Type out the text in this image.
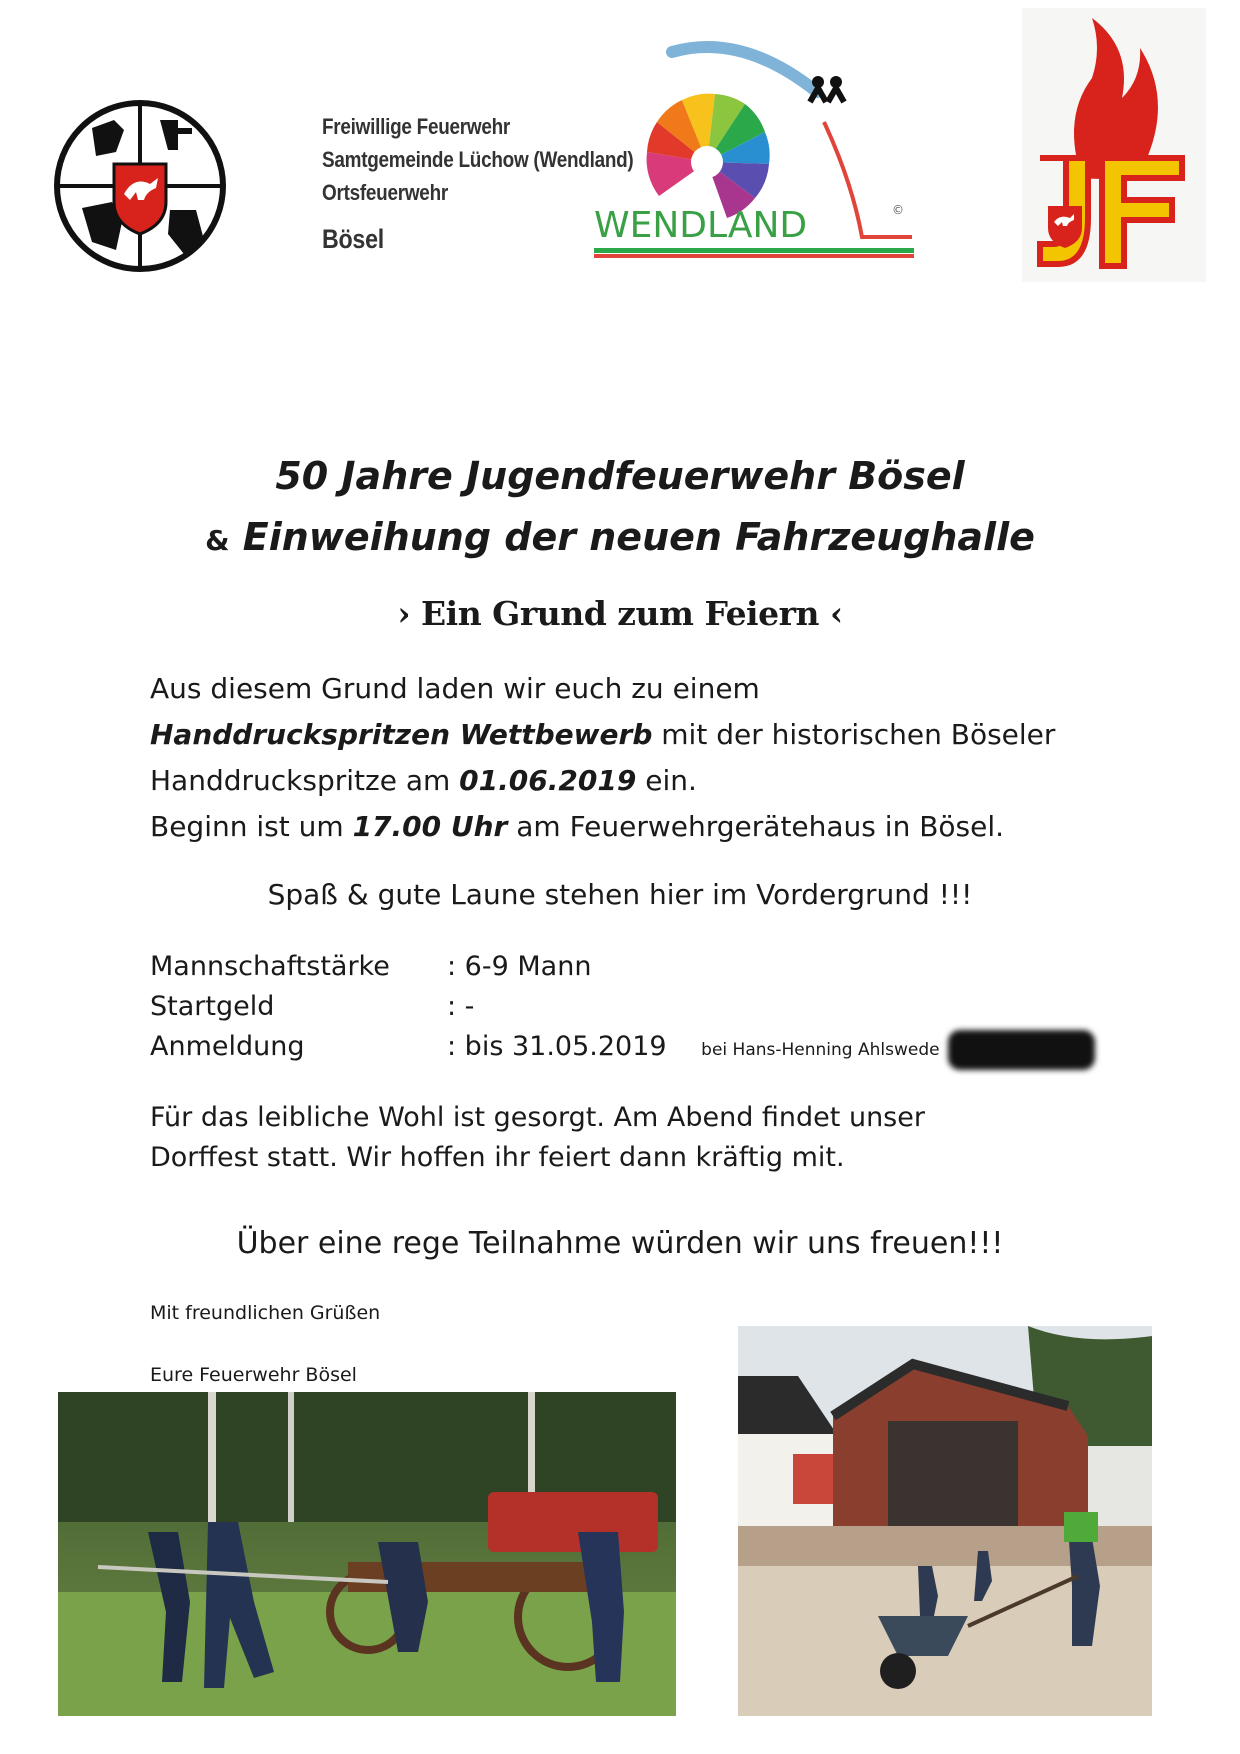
Freiwillige Feuerwehr
Samtgemeinde Lüchow (Wendland)
Ortsfeuerwehr
Bösel	WENDLAND	©
50 Jahre Jugendfeuerwehr Bösel
& Einweihung der neuen Fahrzeughalle
› Ein Grund zum Feiern ‹
Aus diesem Grund laden wir euch zu einem
Handdruckspritzen Wettbewerb mit der historischen Böseler
Handdruckspritze am 01.06.2019 ein.
Beginn ist um 17.00 Uhr am Feuerwehrgerätehaus in Bösel.
Spaß & gute Laune stehen hier im Vordergrund !!!
Mannschaftstärke : 6-9 Mann
Startgeld	: -
Anmeldung	: bis 31.05.2019 bei Hans-Henning Ahlswede 01767021931 5
Für das leibliche Wohl ist gesorgt. Am Abend findet unser
Dorffest statt. Wir hoffen ihr feiert dann kräftig mit.
Über eine rege Teilnahme würden wir uns freuen!!!
Mit freundlichen Grüßen
Eure Feuerwehr Bösel
